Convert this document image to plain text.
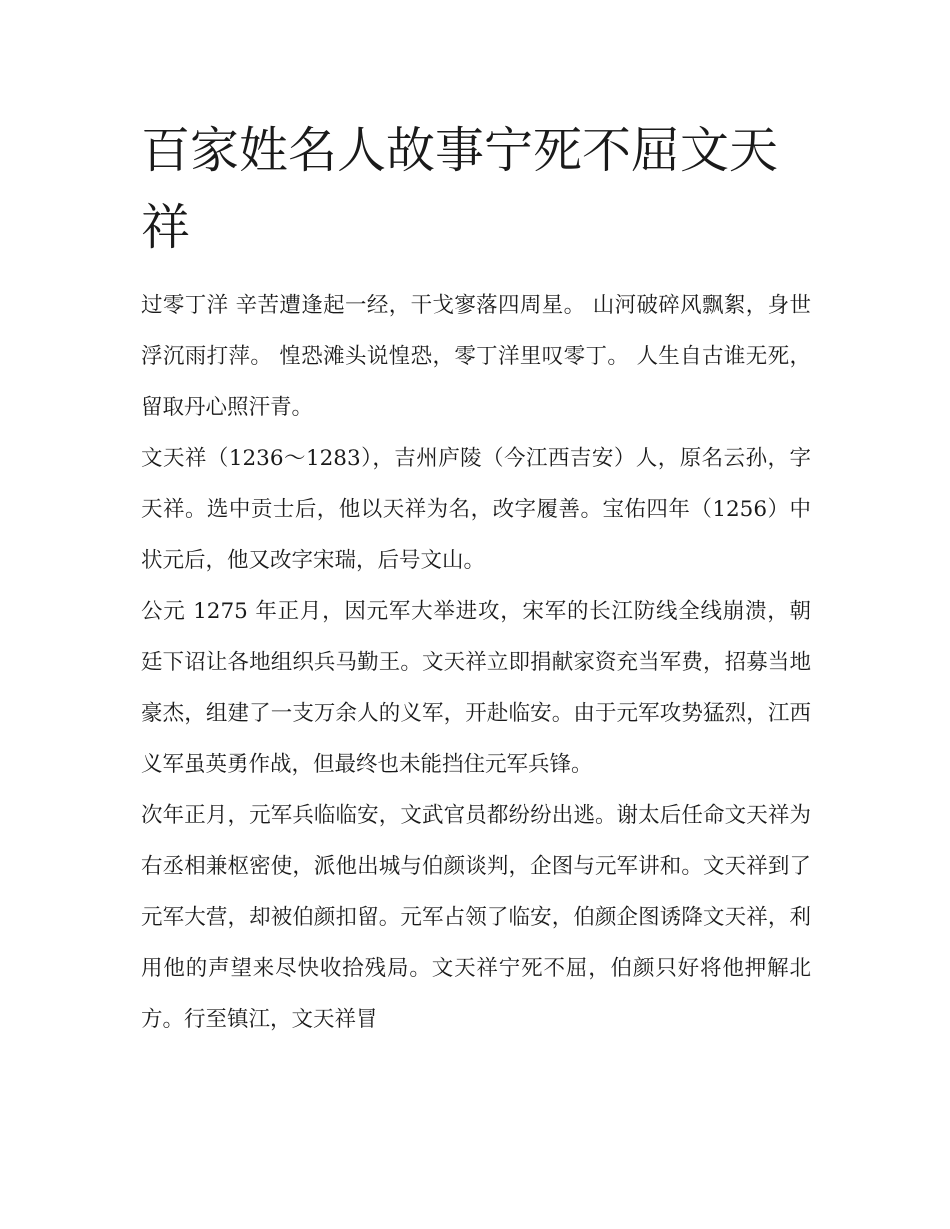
百家姓名人故事宁死不屈文天祥

过零丁洋 辛苦遭逢起一经，干戈寥落四周星。 山河破碎风飘絮，身世浮沉雨打萍。 惶恐滩头说惶恐，零丁洋里叹零丁。 人生自古谁无死，留取丹心照汗青。

文天祥（1236～1283），吉州庐陵（今江西吉安）人，原名云孙，字天祥。选中贡士后，他以天祥为名，改字履善。宝佑四年（1256）中状元后，他又改字宋瑞，后号文山。

公元 1275 年正月，因元军大举进攻，宋军的长江防线全线崩溃，朝廷下诏让各地组织兵马勤王。文天祥立即捐献家资充当军费，招募当地豪杰，组建了一支万余人的义军，开赴临安。由于元军攻势猛烈，江西义军虽英勇作战，但最终也未能挡住元军兵锋。

次年正月，元军兵临临安，文武官员都纷纷出逃。谢太后任命文天祥为右丞相兼枢密使，派他出城与伯颜谈判，企图与元军讲和。文天祥到了元军大营，却被伯颜扣留。元军占领了临安，伯颜企图诱降文天祥，利用他的声望来尽快收拾残局。文天祥宁死不屈，伯颜只好将他押解北方。行至镇江，文天祥冒
